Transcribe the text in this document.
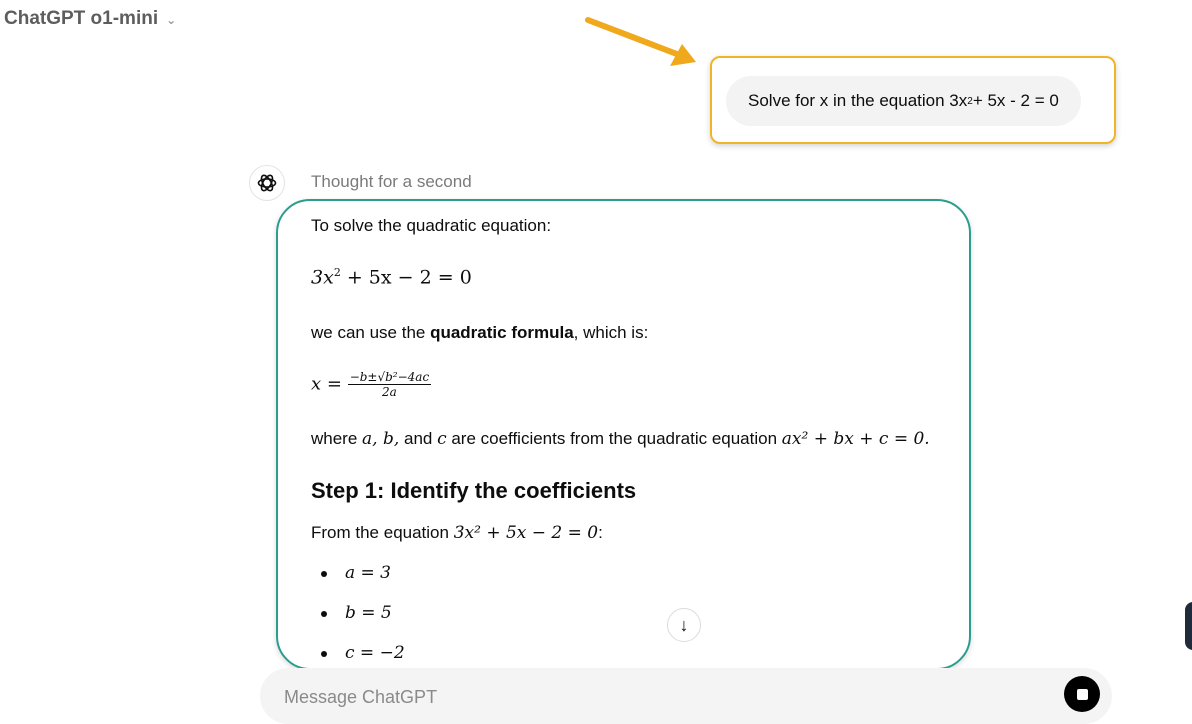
ChatGPT o1-mini ⌄
Solve for x in the equation 3x 2 + 5x - 2 = 0
Thought for a second
To solve the quadratic equation:
$3x^2 + 5x - 2 = 0$
we can use the quadratic formula, which is:
$x = \frac{\text{−b±√b²−4ac}}{2a}$
where a, b, and c are coefficients from the quadratic equation ax² + bx + c = 0.
Step 1: Identify the coefficients
From the equation 3x² + 5x − 2 = 0:
a = 3
b = 5
c = −2
↓
Message ChatGPT
